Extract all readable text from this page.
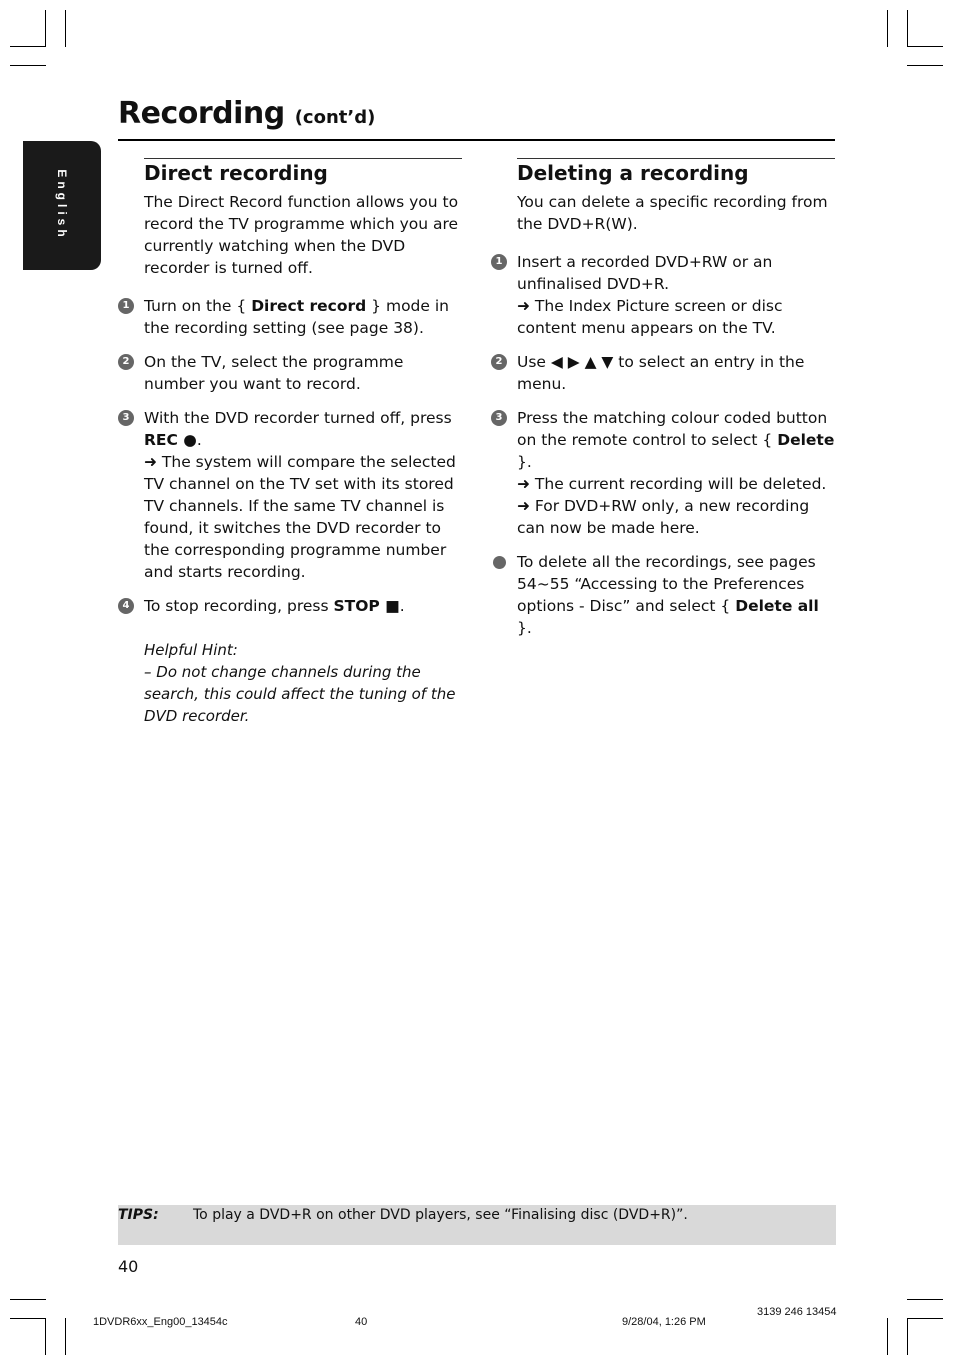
Recording (cont’d)
English	Direct recording

The Direct Record function allows you to record the TV programme which you are currently watching when the DVD recorder is turned off.

1 Turn on the { Direct record } mode in the recording setting (see page 38).

2 On the TV, select the programme number you want to record.

3 With the DVD recorder turned off, press REC ●.
➜ The system will compare the selected TV channel on the TV set with its stored TV channels. If the same TV channel is found, it switches the DVD recorder to the corresponding programme number and starts recording.

4 To stop recording, press STOP ■.

Helpful Hint:

– Do not change channels during the search, this could affect the tuning of the DVD recorder.

Deleting a recording

You can delete a specific recording from the DVD+R(W).

1 Insert a recorded DVD+RW or an unfinalised DVD+R.
➜ The Index Picture screen or disc content menu appears on the TV.

2 Use ◀ ▶ ▲ ▼ to select an entry in the menu.

3 Press the matching colour coded button on the remote control to select { Delete }.
➜ The current recording will be deleted.
➜ For DVD+RW only, a new recording can now be made here.

To delete all the recordings, see pages 54~55 “Accessing to the Preferences options - Disc” and select { Delete all }.

TIPS: To play a DVD+R on other DVD players, see “Finalising disc (DVD+R)”.
40
1DVDR6xx_Eng00_13454c	40	9/28/04, 1:26 PM
3139 246 13454
